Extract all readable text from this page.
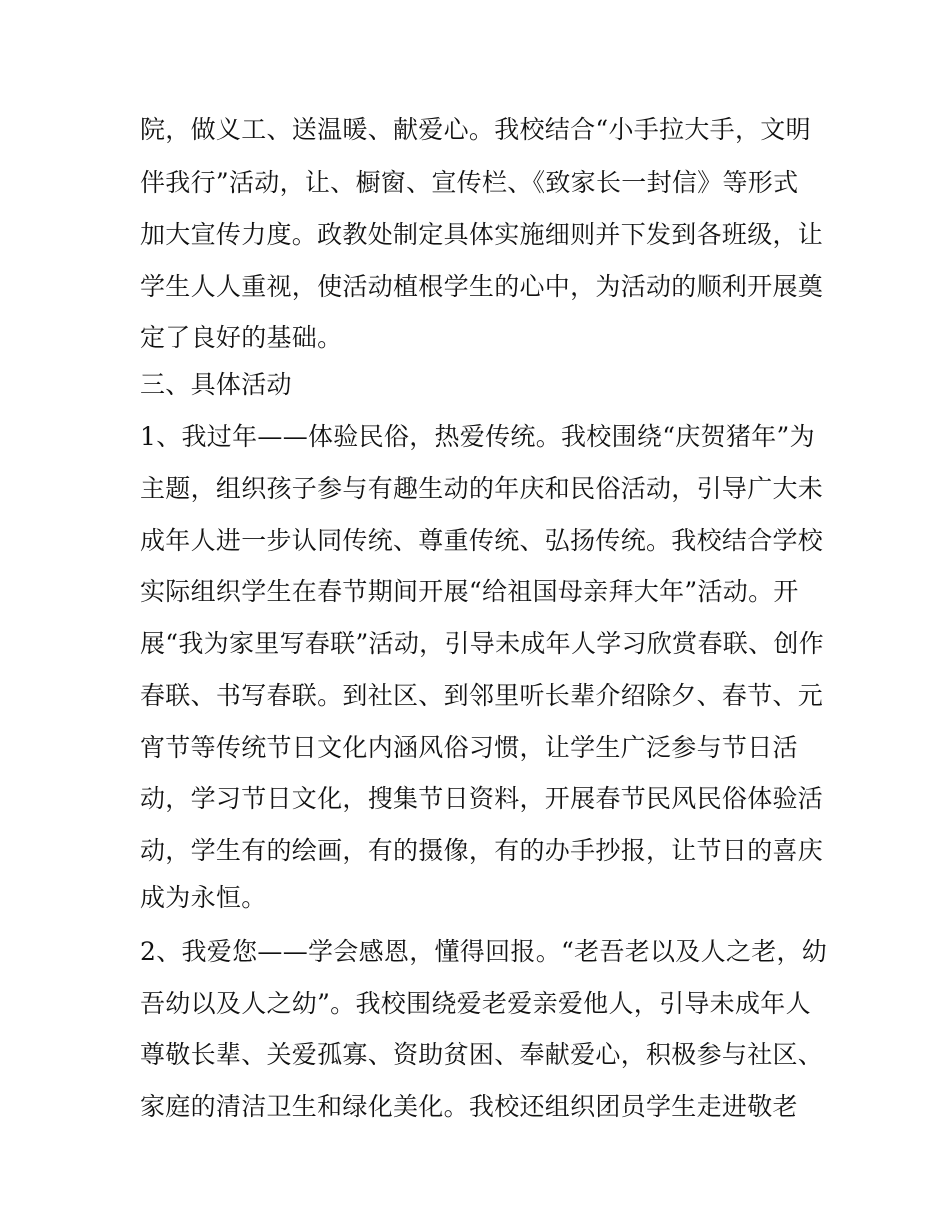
院，做义工、送温暖、献爱心。我校结合“小手拉大手，文明
伴我行”活动，让、橱窗、宣传栏、《致家长一封信》等形式
加大宣传力度。政教处制定具体实施细则并下发到各班级，让
学生人人重视，使活动植根学生的心中，为活动的顺利开展奠
定了良好的基础。
三、具体活动
1、我过年——体验民俗，热爱传统。我校围绕“庆贺猪年”为
主题，组织孩子参与有趣生动的年庆和民俗活动，引导广大未
成年人进一步认同传统、尊重传统、弘扬传统。我校结合学校
实际组织学生在春节期间开展“给祖国母亲拜大年”活动。开
展“我为家里写春联”活动，引导未成年人学习欣赏春联、创作
春联、书写春联。到社区、到邻里听长辈介绍除夕、春节、元
宵节等传统节日文化内涵风俗习惯，让学生广泛参与节日活
动，学习节日文化，搜集节日资料，开展春节民风民俗体验活
动，学生有的绘画，有的摄像，有的办手抄报，让节日的喜庆
成为永恒。
2、我爱您——学会感恩，懂得回报。“老吾老以及人之老，幼
吾幼以及人之幼”。我校围绕爱老爱亲爱他人，引导未成年人
尊敬长辈、关爱孤寡、资助贫困、奉献爱心，积极参与社区、
家庭的清洁卫生和绿化美化。我校还组织团员学生走进敬老
